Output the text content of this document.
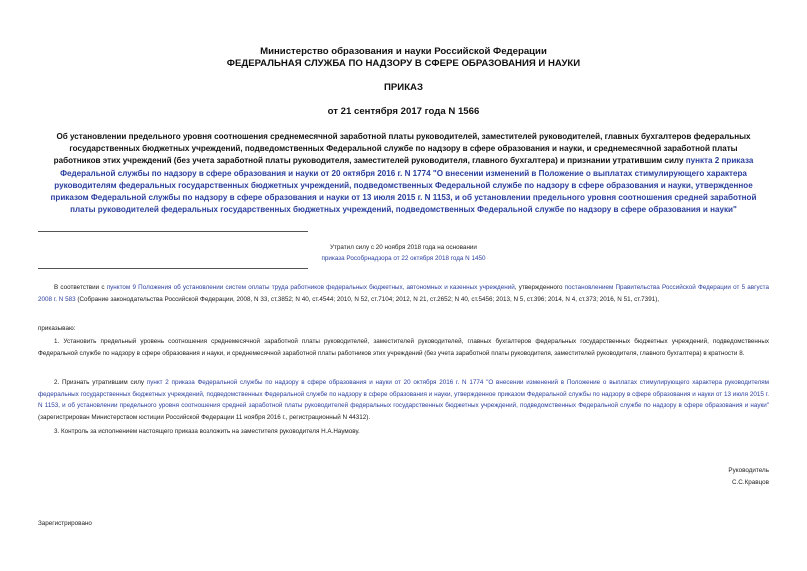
Министерство образования и науки Российской Федерации
ФЕДЕРАЛЬНАЯ СЛУЖБА ПО НАДЗОРУ В СФЕРЕ ОБРАЗОВАНИЯ И НАУКИ
ПРИКАЗ
от 21 сентября 2017 года N 1566
Об установлении предельного уровня соотношения среднемесячной заработной платы руководителей, заместителей руководителей, главных бухгалтеров федеральных государственных бюджетных учреждений, подведомственных Федеральной службе по надзору в сфере образования и науки, и среднемесячной заработной платы работников этих учреждений (без учета заработной платы руководителя, заместителей руководителя, главного бухгалтера) и признании утратившим силу пункта 2 приказа Федеральной службы по надзору в сфере образования и науки от 20 октября 2016 г. N 1774 "О внесении изменений в Положение о выплатах стимулирующего характера руководителям федеральных государственных бюджетных учреждений, подведомственных Федеральной службе по надзору в сфере образования и науки, утвержденное приказом Федеральной службы по надзору в сфере образования и науки от 13 июля 2015 г. N 1153, и об установлении предельного уровня соотношения средней заработной платы руководителей федеральных государственных бюджетных учреждений, подведомственных Федеральной службе по надзору в сфере образования и науки"
Утратил силу с 20 ноября 2018 года на основании
приказа Рособрнадзора от 22 октября 2018 года N 1450
В соответствии с пунктом 9 Положения об установлении систем оплаты труда работников федеральных бюджетных, автономных и казенных учреждений, утвержденного постановлением Правительства Российской Федерации от 5 августа 2008 г. N 583 (Собрание законодательства Российской Федерации, 2008, N 33, ст.3852; N 40, ст.4544; 2010, N 52, ст.7104; 2012, N 21, ст.2652; N 40, ст.5456; 2013, N 5, ст.396; 2014, N 4, ст.373; 2016, N 51, ст.7391),
приказываю:
1. Установить предельный уровень соотношения среднемесячной заработной платы руководителей, заместителей руководителей, главных бухгалтеров федеральных государственных бюджетных учреждений, подведомственных Федеральной службе по надзору в сфере образования и науки, и среднемесячной заработной платы работников этих учреждений (без учета заработной платы руководителя, заместителей руководителя, главного бухгалтера) в кратности 8.
2. Признать утратившим силу пункт 2 приказа Федеральной службы по надзору в сфере образования и науки от 20 октября 2016 г. N 1774 "О внесении изменений в Положение о выплатах стимулирующего характера руководителям федеральных государственных бюджетных учреждений, подведомственных Федеральной службе по надзору в сфере образования и науки, утвержденное приказом Федеральной службы по надзору в сфере образования и науки от 13 июля 2015 г. N 1153, и об установлении предельного уровня соотношения средней заработной платы руководителей федеральных государственных бюджетных учреждений, подведомственных Федеральной службе по надзору в сфере образования и науки" (зарегистрирован Министерством юстиции Российской Федерации 11 ноября 2016 г., регистрационный N 44312).
3. Контроль за исполнением настоящего приказа возложить на заместителя руководителя Н.А.Наумову.
Руководитель
С.С.Кравцов
Зарегистрировано
